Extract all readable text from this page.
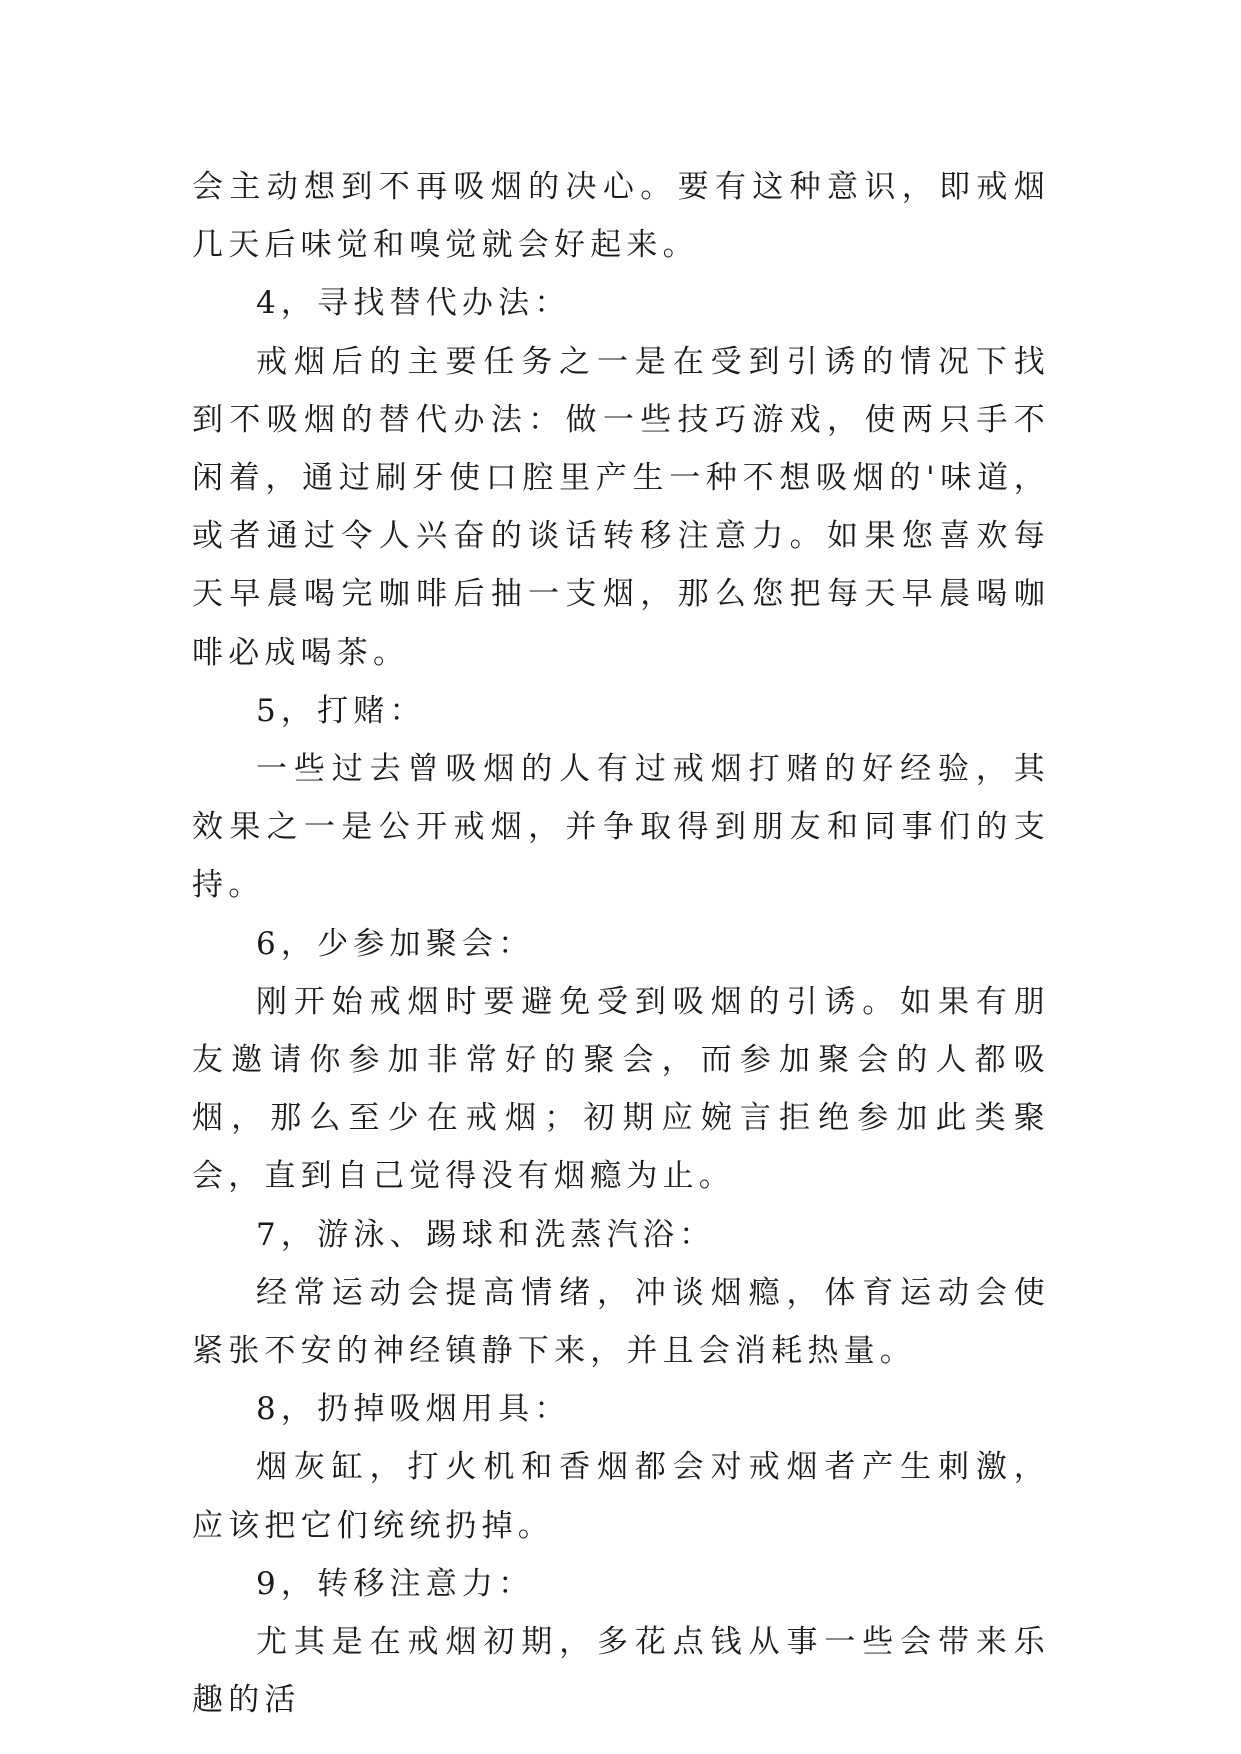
会主动想到不再吸烟的决心。要有这种意识，即戒烟几天后味觉和嗅觉就会好起来。

4，寻找替代办法：

戒烟后的主要任务之一是在受到引诱的情况下找到不吸烟的替代办法：做一些技巧游戏，使两只手不闲着，通过刷牙使口腔里产生一种不想吸烟的'味道，或者通过令人兴奋的谈话转移注意力。如果您喜欢每天早晨喝完咖啡后抽一支烟，那么您把每天早晨喝咖啡必成喝茶。

5，打赌：

一些过去曾吸烟的人有过戒烟打赌的好经验，其效果之一是公开戒烟，并争取得到朋友和同事们的支持。

6，少参加聚会：

刚开始戒烟时要避免受到吸烟的引诱。如果有朋友邀请你参加非常好的聚会，而参加聚会的人都吸烟，那么至少在戒烟；初期应婉言拒绝参加此类聚会，直到自己觉得没有烟瘾为止。

7，游泳、踢球和洗蒸汽浴：

经常运动会提高情绪，冲谈烟瘾，体育运动会使紧张不安的神经镇静下来，并且会消耗热量。

8，扔掉吸烟用具：

烟灰缸，打火机和香烟都会对戒烟者产生刺激，应该把它们统统扔掉。

9，转移注意力：

尤其是在戒烟初期，多花点钱从事一些会带来乐趣的活
